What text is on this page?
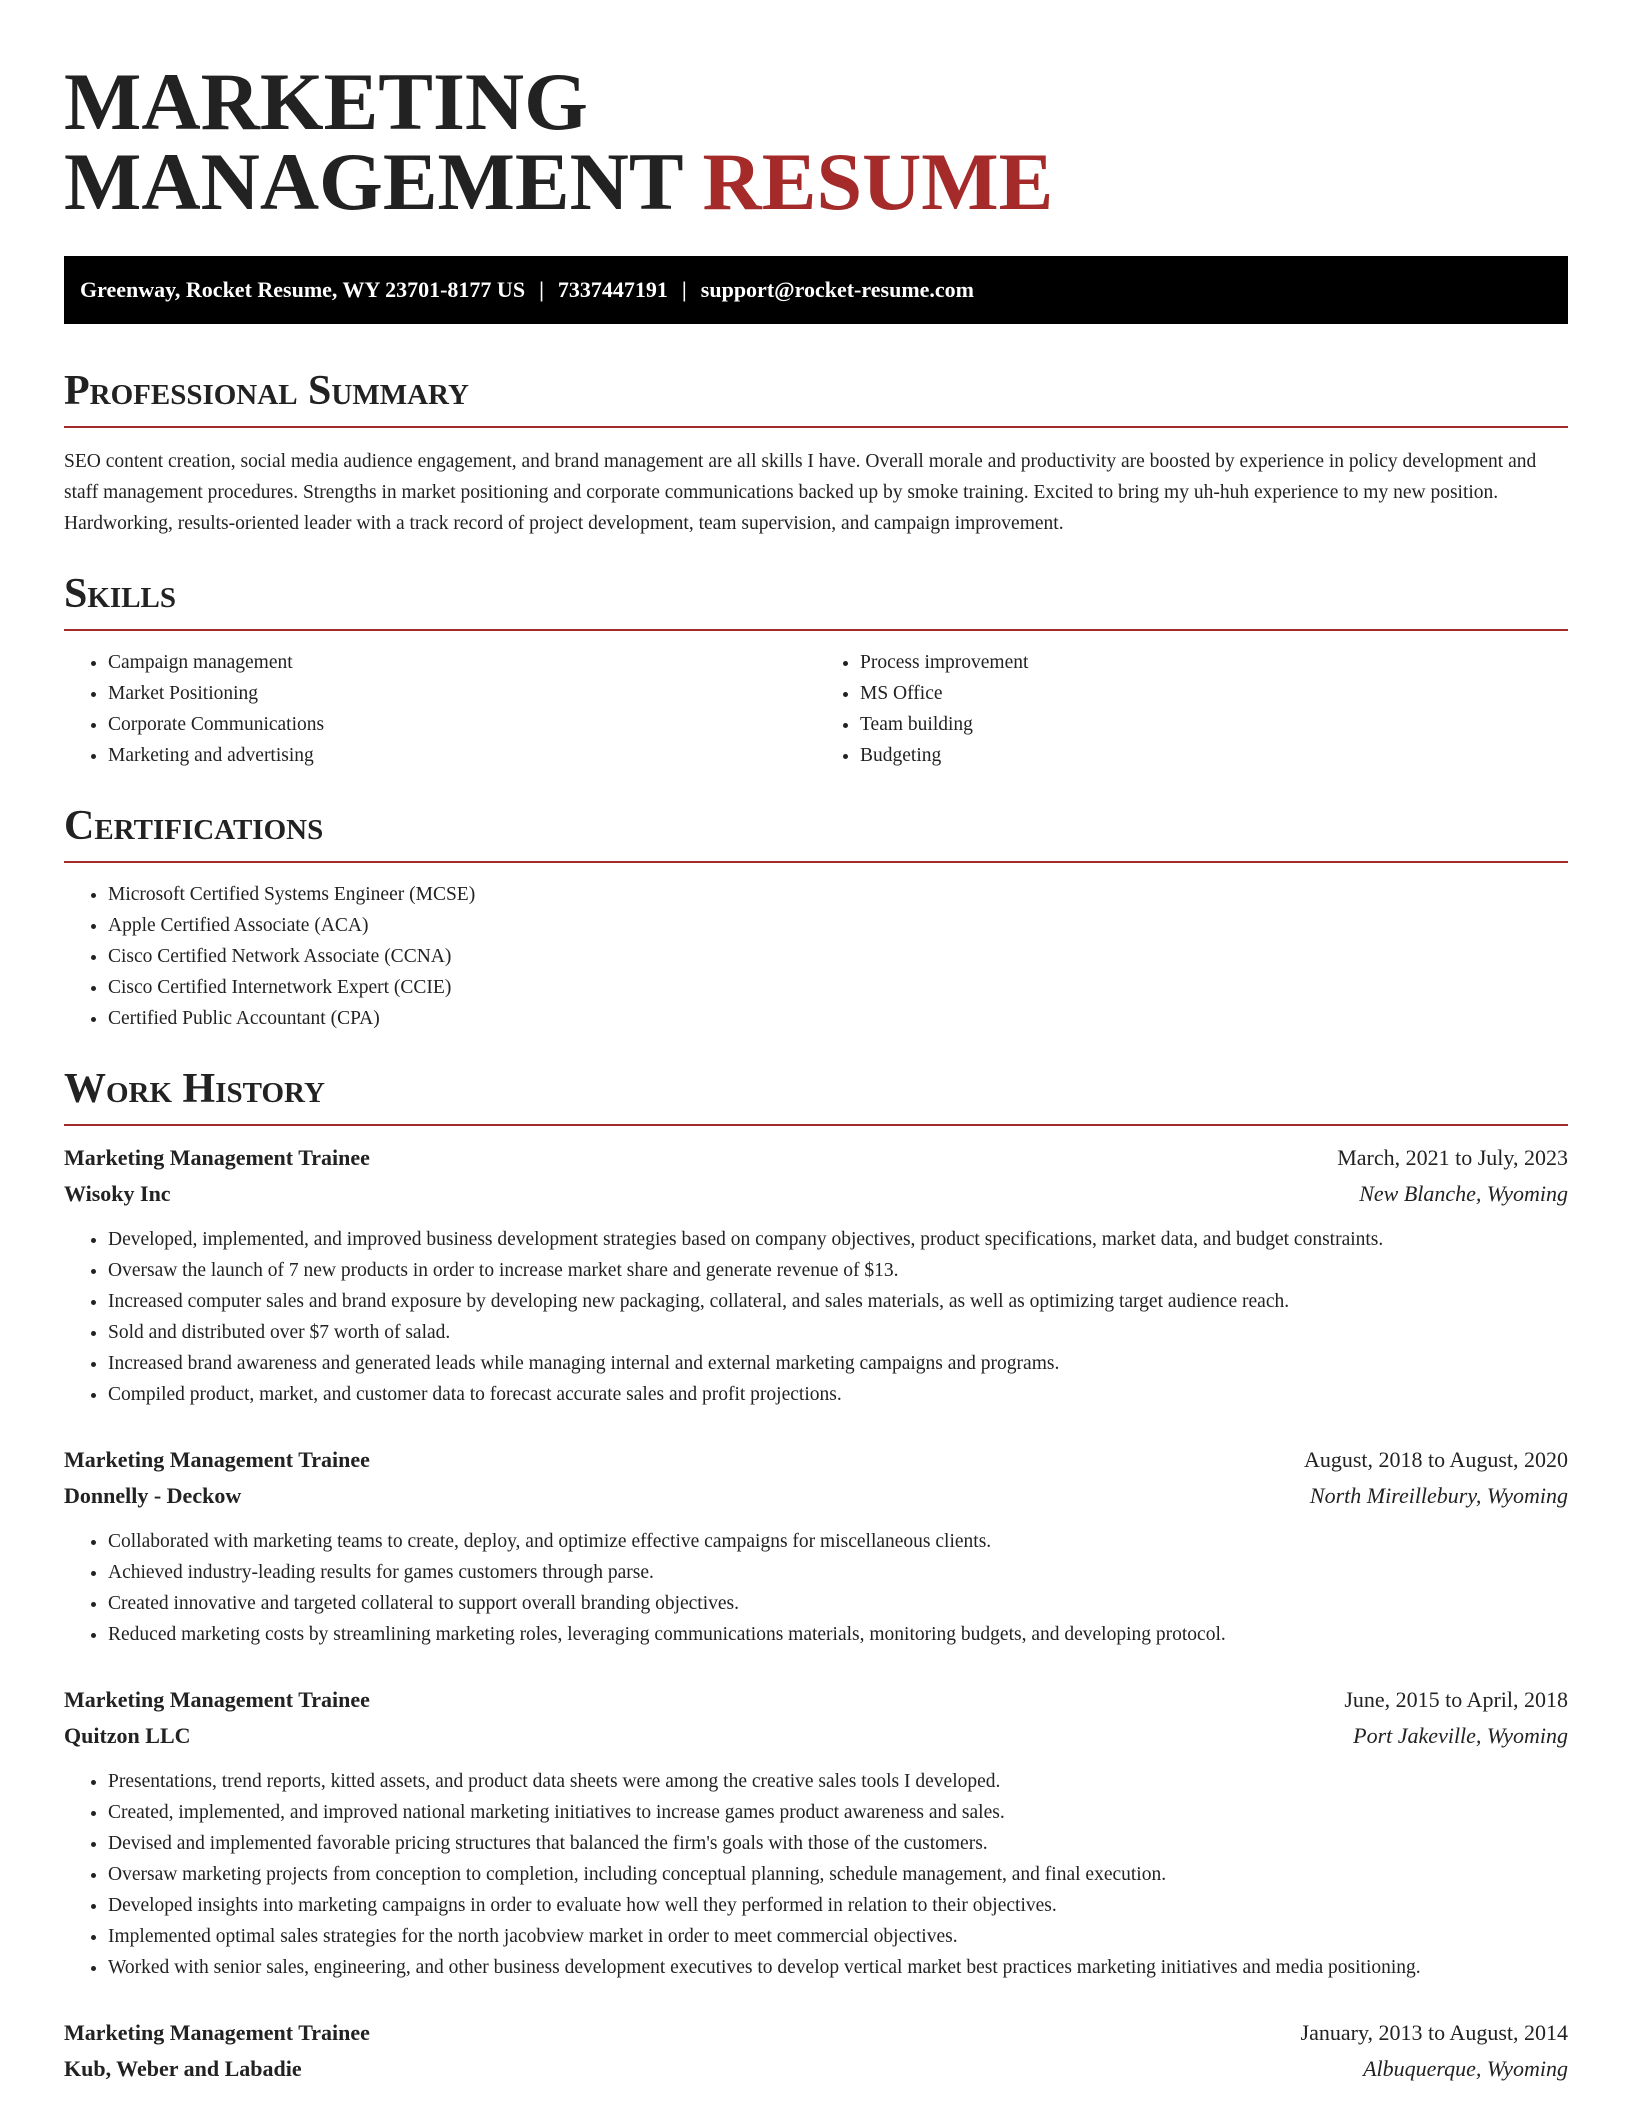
MARKETING
MANAGEMENT RESUME
Greenway, Rocket Resume, WY 23701-8177 US | 7337447191 | support@rocket-resume.com
Professional Summary

SEO content creation, social media audience engagement, and brand management are all skills I have. Overall morale and productivity are boosted by experience in policy development and staff management procedures. Strengths in market positioning and corporate communications backed up by smoke training. Excited to bring my uh-huh experience to my new position. Hardworking, results-oriented leader with a track record of project development, team supervision, and campaign improvement.

Skills
• Campaign management
• Market Positioning
• Corporate Communications
• Marketing and advertising
• Process improvement
• MS Office
• Team building
• Budgeting
Certifications
• Microsoft Certified Systems Engineer (MCSE)
• Apple Certified Associate (ACA)
• Cisco Certified Network Associate (CCNA)
• Cisco Certified Internetwork Expert (CCIE)
• Certified Public Accountant (CPA)
Work History
Marketing Management Trainee	March, 2021 to July, 2023
Wisoky Inc	New Blanche, Wyoming
• Developed, implemented, and improved business development strategies based on company objectives, product specifications, market data, and budget constraints.
• Oversaw the launch of 7 new products in order to increase market share and generate revenue of $13.
• Increased computer sales and brand exposure by developing new packaging, collateral, and sales materials, as well as optimizing target audience reach.
• Sold and distributed over $7 worth of salad.
• Increased brand awareness and generated leads while managing internal and external marketing campaigns and programs.
• Compiled product, market, and customer data to forecast accurate sales and profit projections.
Marketing Management Trainee	August, 2018 to August, 2020
Donnelly - Deckow	North Mireillebury, Wyoming
• Collaborated with marketing teams to create, deploy, and optimize effective campaigns for miscellaneous clients.
• Achieved industry-leading results for games customers through parse.
• Created innovative and targeted collateral to support overall branding objectives.
• Reduced marketing costs by streamlining marketing roles, leveraging communications materials, monitoring budgets, and developing protocol.
Marketing Management Trainee	June, 2015 to April, 2018
Quitzon LLC	Port Jakeville, Wyoming
• Presentations, trend reports, kitted assets, and product data sheets were among the creative sales tools I developed.
• Created, implemented, and improved national marketing initiatives to increase games product awareness and sales.
• Devised and implemented favorable pricing structures that balanced the firm's goals with those of the customers.
• Oversaw marketing projects from conception to completion, including conceptual planning, schedule management, and final execution.
• Developed insights into marketing campaigns in order to evaluate how well they performed in relation to their objectives.
• Implemented optimal sales strategies for the north jacobview market in order to meet commercial objectives.
• Worked with senior sales, engineering, and other business development executives to develop vertical market best practices marketing initiatives and media positioning.
Marketing Management Trainee	January, 2013 to August, 2014
Kub, Weber and Labadie	Albuquerque, Wyoming
